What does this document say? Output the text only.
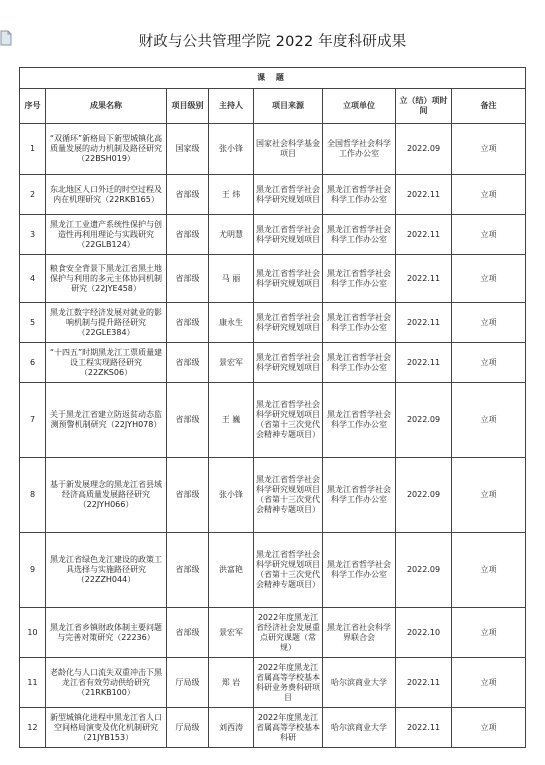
财政与公共管理学院 2022 年度科研成果
课 题							
序号	成果名称	项目级别	主持人	项目来源	立项单位	立（结）项时间	备注
1	“双循环”新格局下新型城镇化高质量发展的动力机制及路径研究（22BSH019）	国家级	张小锋	国家社会科学基金项目	全国哲学社会科学工作办公室	2022.09	立项
2	东北地区人口外迁的时空过程及内在机理研究（22RKB165）	省部级	王 炜	黑龙江省哲学社会科学研究规划项目	黑龙江省哲学社会科学工作办公室	2022.11	立项
3	黑龙江工业遗产系统性保护与创造性再利用理论与实践研究（22GLB124）	省部级	尤明慧	黑龙江省哲学社会科学研究规划项目	黑龙江省哲学社会科学工作办公室	2022.11	立项
4	粮食安全背景下黑龙江省黑土地保护与利用的多元主体协同机制研究（22JYE458）	省部级	马 丽	黑龙江省哲学社会科学研究规划项目	黑龙江省哲学社会科学工作办公室	2022.11	立项
5	黑龙江数字经济发展对就业的影响机制与提升路径研究（22GLE384）	省部级	康永生	黑龙江省哲学社会科学研究规划项目	黑龙江省哲学社会科学工作办公室	2022.11	立项
6	“十四五”时期黑龙江工票质量建设工程实现路径研究（22ZKS06）	省部级	景宏军	黑龙江省哲学社会科学研究规划项目	黑龙江省哲学社会科学工作办公室	2022.11	立项
7	关于黑龙江省建立防返贫动态监测预警机制研究（22JYH078）	省部级	王 巍	黑龙江省哲学社会科学研究规划项目（省第十三次党代会精神专题项目）	黑龙江省哲学社会科学工作办公室	2022.09	立项
8	基于新发展理念的黑龙江省县域经济高质量发展路径研究（22JYH066）	省部级	张小锋	黑龙江省哲学社会科学研究规划项目（省第十三次党代会精神专题项目）	黑龙江省哲学社会科学工作办公室	2022.09	立项
9	黑龙江省绿色龙江建设的政策工具选择与实施路径研究（22ZZH044）	省部级	洪富艳	黑龙江省哲学社会科学研究规划项目（省第十三次党代会精神专题项目）	黑龙江省哲学社会科学工作办公室	2022.09	立项
10	黑龙江省乡镇财政体制主要问题与完善对策研究（22236）	省部级	景宏军	2022年度黑龙江省经济社会发展重点研究课题（常规）	黑龙江省社会科学界联合会	2022.10	立项
11	老龄化与人口流失双重冲击下黑龙江省有效劳动供给研究（21RKB100）	厅局级	郑 岩	2022年度黑龙江省属高等学校基本科研业务费科研项目	哈尔滨商业大学	2022.11	立项
12	新型城镇化进程中黑龙江省人口空间格局演变及优化机制研究（21JYB153）	厅局级	刘西涛	2022年度黑龙江省属高等学校基本科研	哈尔滨商业大学	2022.11	立项
